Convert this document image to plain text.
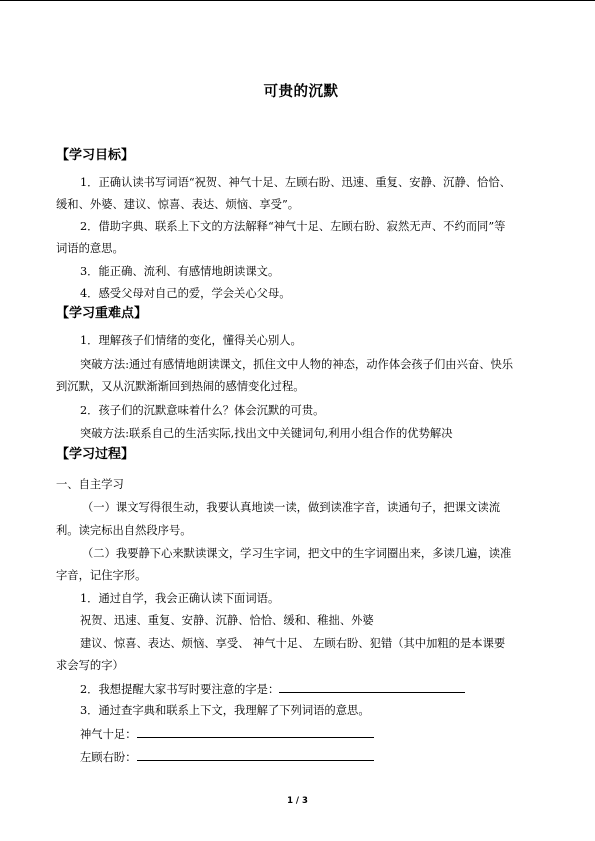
可贵的沉默
【学习目标】
1．正确认读书写词语“祝贺、神气十足、左顾右盼、迅速、重复、安静、沉静、恰恰、
缓和、外婆、建议、惊喜、表达、烦恼、享受”。
2．借助字典、联系上下文的方法解释“神气十足、左顾右盼、寂然无声、不约而同”等
词语的意思。
3．能正确、流利、有感情地朗读课文。
4．感受父母对自己的爱，学会关心父母。
【学习重难点】
1．理解孩子们情绪的变化，懂得关心别人。
突破方法:通过有感情地朗读课文，抓住文中人物的神态，动作体会孩子们由兴奋、快乐
到沉默，又从沉默渐渐回到热闹的感情变化过程。
2．孩子们的沉默意味着什么？体会沉默的可贵。
突破方法:联系自己的生活实际,找出文中关键词句,利用小组合作的优势解决
【学习过程】
一、自主学习
（一）课文写得很生动，我要认真地读一读，做到读准字音，读通句子，把课文读流
利。读完标出自然段序号。
（二）我要静下心来默读课文，学习生字词，把文中的生字词圈出来，多读几遍，读准
字音，记住字形。
1．通过自学，我会正确认读下面词语。
祝贺、迅速、重复、安静、沉静、恰恰、缓和、稚拙、外婆
建议、惊喜、表达、烦恼、享受、 神气十足、 左顾右盼、犯错（其中加粗的是本课要
求会写的字）
2．我想提醒大家书写时要注意的字是：
3．通过查字典和联系上下文，我理解了下列词语的意思。
神气十足：
左顾右盼：
1 / 3
